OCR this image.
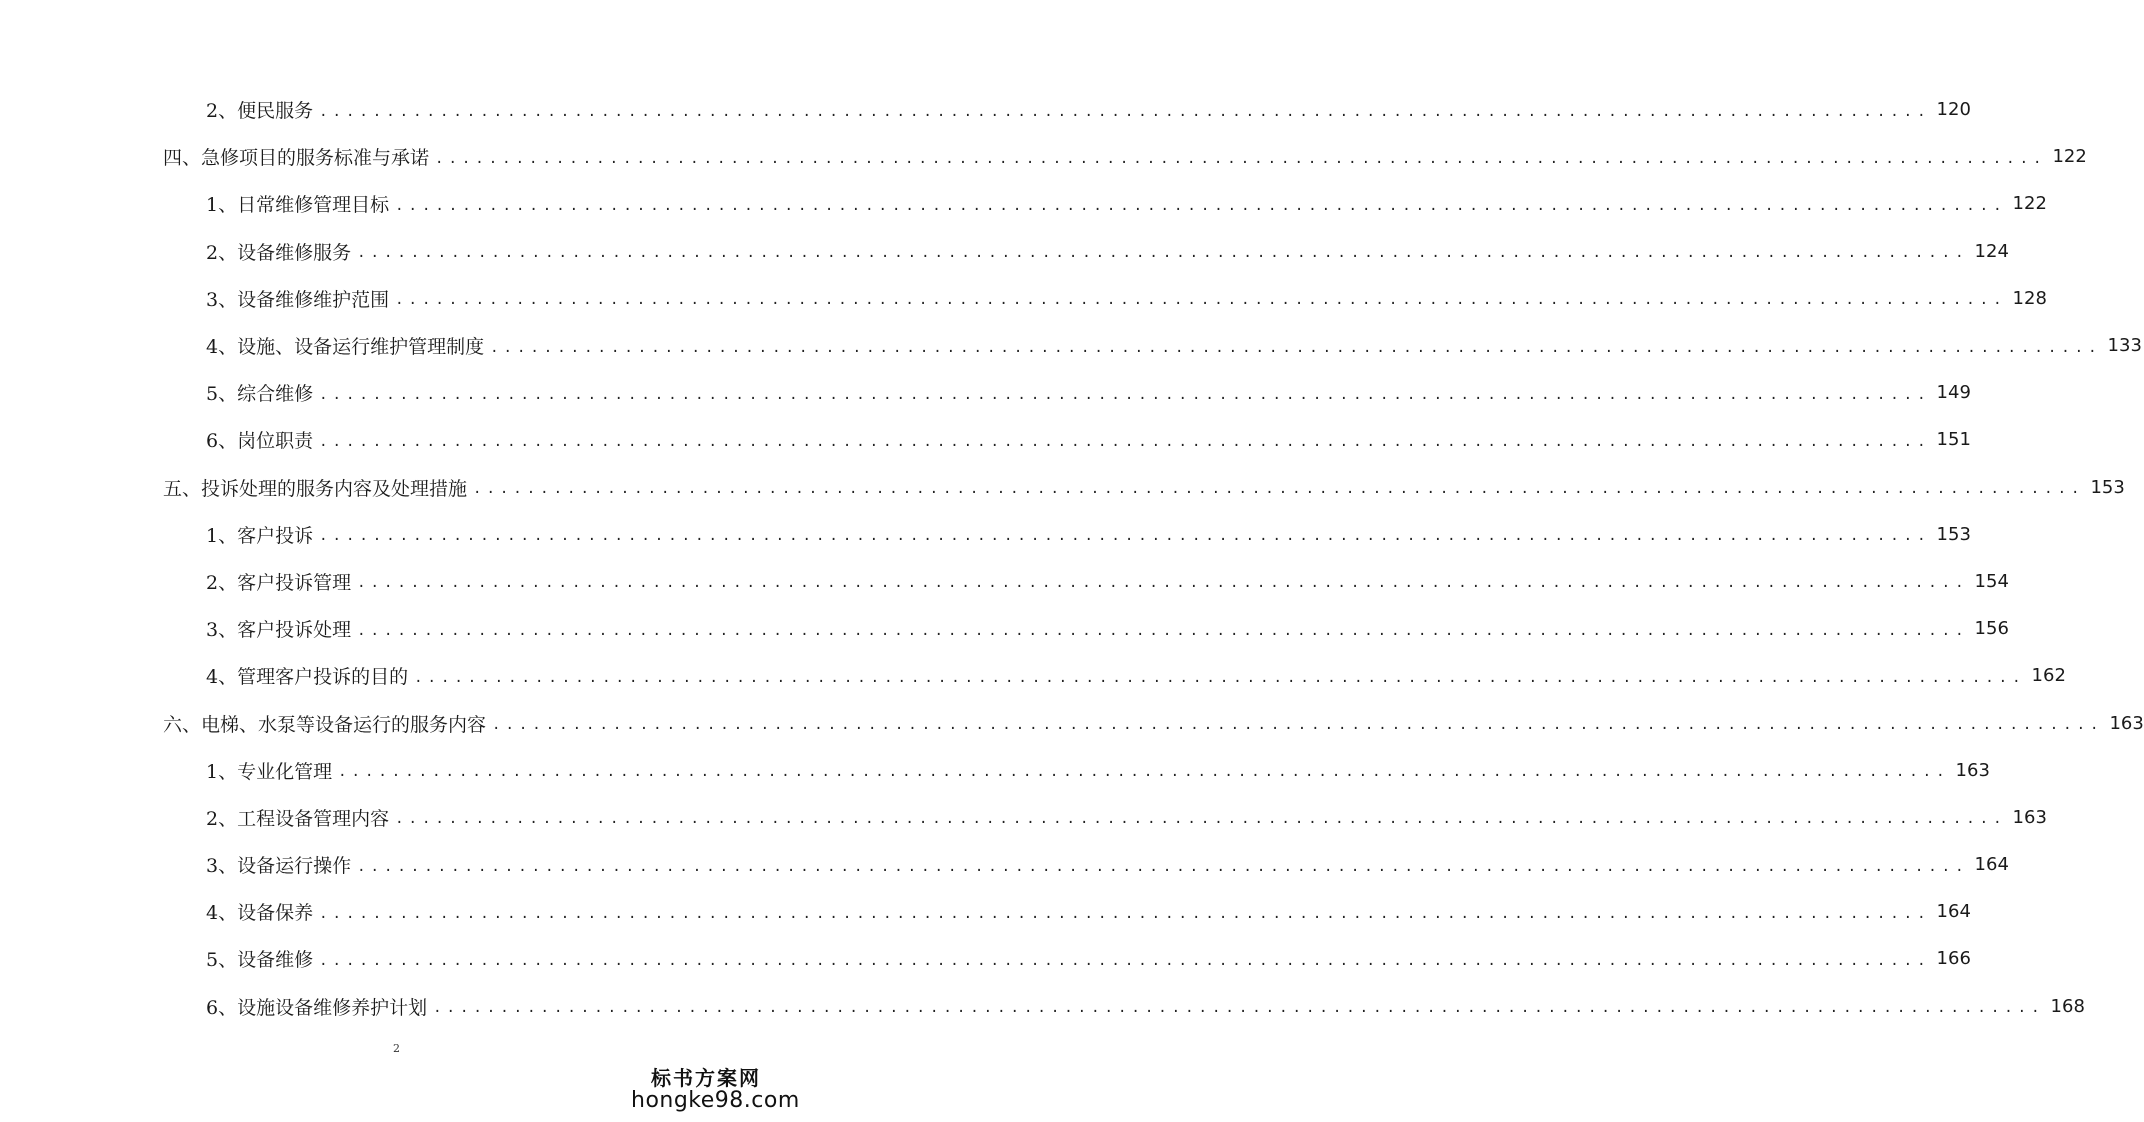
2、便民服务 ........................................................................................................................ 120
四、急修项目的服务标准与承诺 ........................................................................................................................ 122
1、日常维修管理目标 ........................................................................................................................ 122
2、设备维修服务 ........................................................................................................................ 124
3、设备维修维护范围 ........................................................................................................................ 128
4、设施、设备运行维护管理制度 ........................................................................................................................ 133
5、综合维修 ........................................................................................................................ 149
6、岗位职责 ........................................................................................................................ 151
五、投诉处理的服务内容及处理措施 ........................................................................................................................ 153
1、客户投诉 ........................................................................................................................ 153
2、客户投诉管理 ........................................................................................................................ 154
3、客户投诉处理 ........................................................................................................................ 156
4、管理客户投诉的目的 ........................................................................................................................ 162
六、电梯、水泵等设备运行的服务内容 ........................................................................................................................ 163
1、专业化管理 ........................................................................................................................ 163
2、工程设备管理内容 ........................................................................................................................ 163
3、设备运行操作 ........................................................................................................................ 164
4、设备保养 ........................................................................................................................ 164
5、设备维修 ........................................................................................................................ 166
6、设施设备维修养护计划 ........................................................................................................................ 168
2
标书方案网
hongke98.com
